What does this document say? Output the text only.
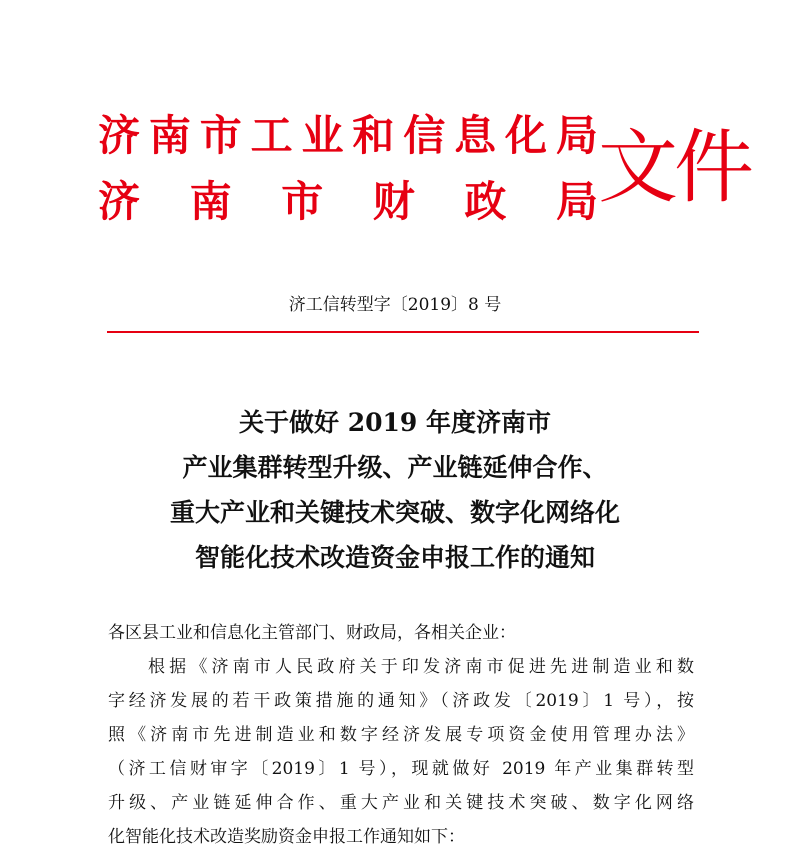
济 南 市 工 业 和 信 息 化 局
济 南 市 财 政 局 文件
济工信转型字〔2019〕8 号
关于做好 2019 年度济南市
产业集群转型升级、产业链延伸合作、
重大产业和关键技术突破、数字化网络化
智能化技术改造资金申报工作的通知
各区县工业和信息化主管部门、财政局，各相关企业：
根据《济南市人民政府关于印发济南市促进先进制造业和数
字经济发展的若干政策措施的通知》（济政发〔2019〕1 号），按
照《济南市先进制造业和数字经济发展专项资金使用管理办法》
（济工信财审字〔2019〕1 号），现就做好 2019 年产业集群转型
升级、产业链延伸合作、重大产业和关键技术突破、数字化网络
化智能化技术改造奖励资金申报工作通知如下：
